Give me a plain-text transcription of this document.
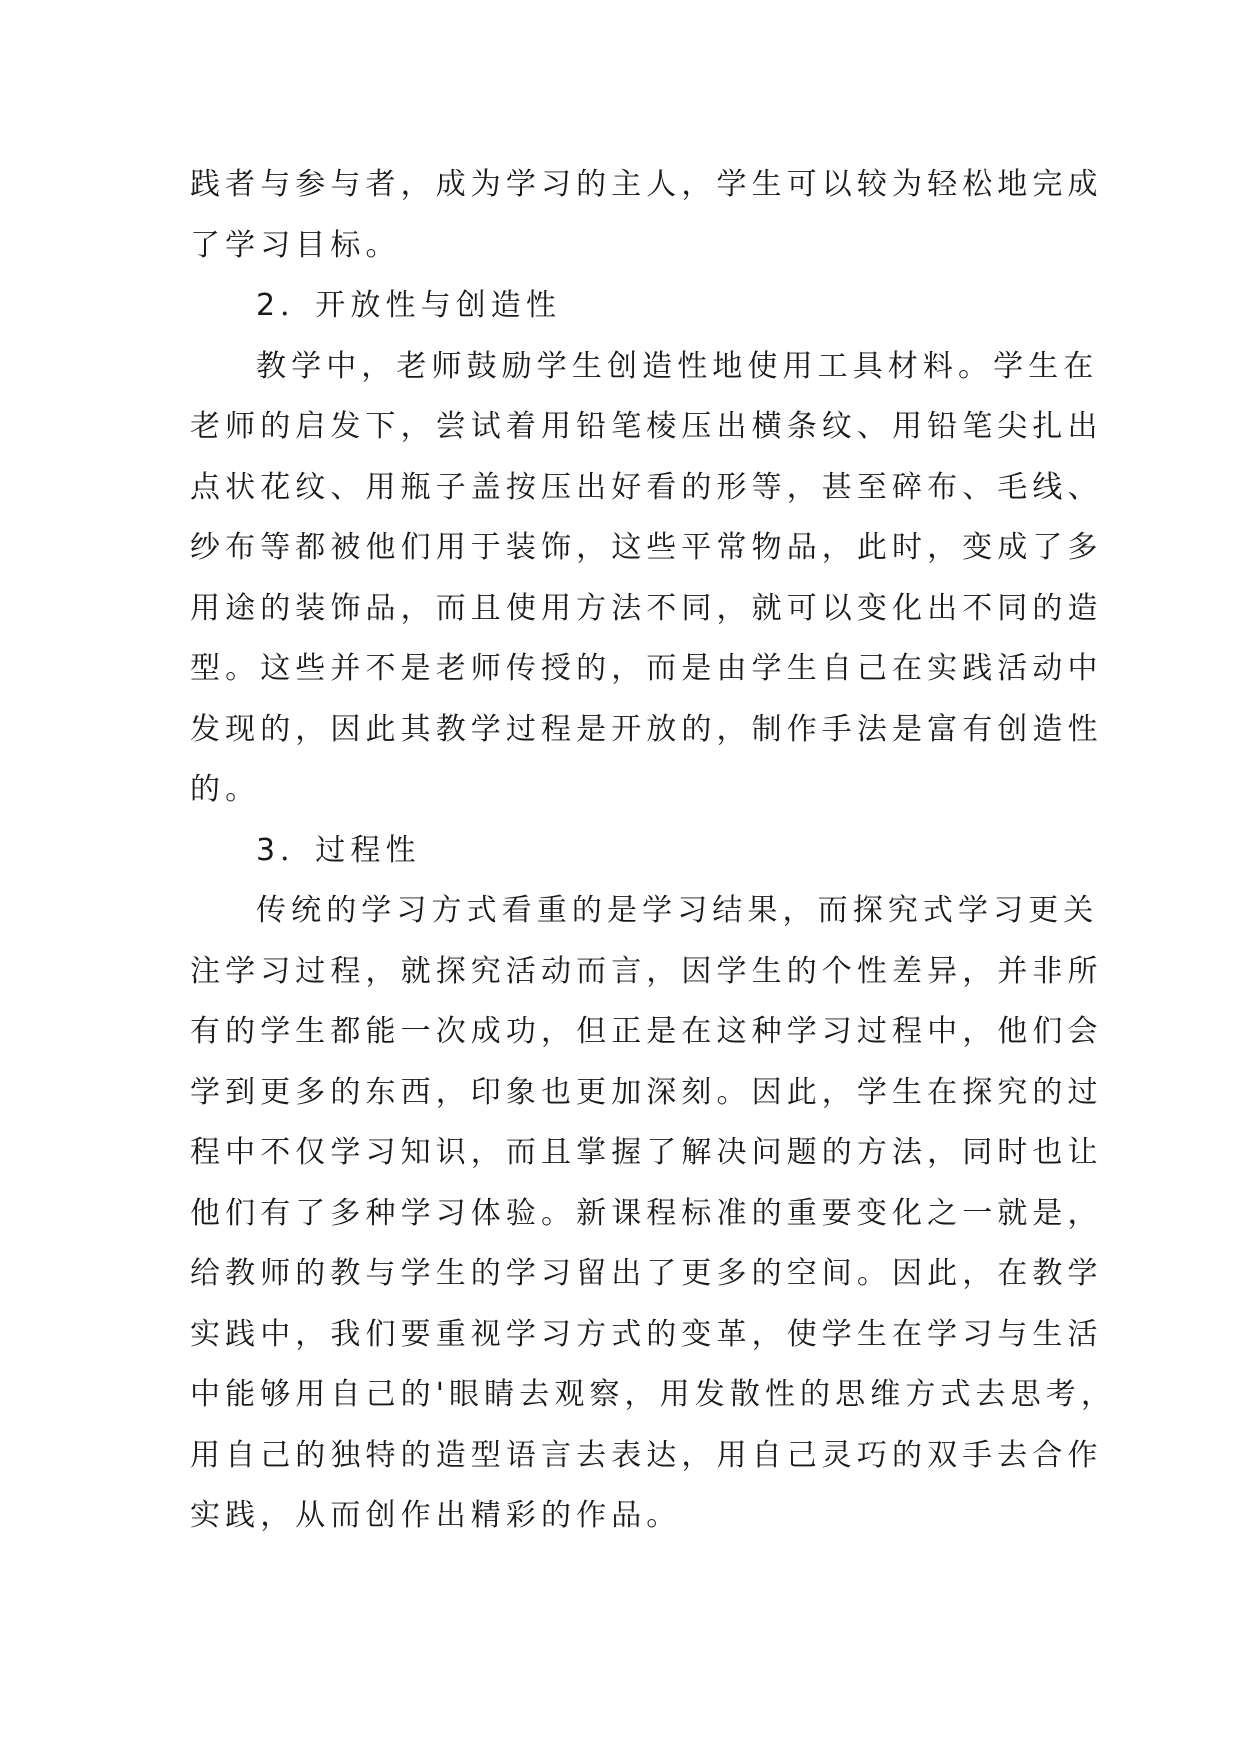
践者与参与者，成为学习的主人，学生可以较为轻松地完成
了学习目标。
2．开放性与创造性
教学中，老师鼓励学生创造性地使用工具材料。学生在
老师的启发下，尝试着用铅笔棱压出横条纹、用铅笔尖扎出
点状花纹、用瓶子盖按压出好看的形等，甚至碎布、毛线、
纱布等都被他们用于装饰，这些平常物品，此时，变成了多
用途的装饰品，而且使用方法不同，就可以变化出不同的造
型。这些并不是老师传授的，而是由学生自己在实践活动中
发现的，因此其教学过程是开放的，制作手法是富有创造性
的。
3．过程性
传统的学习方式看重的是学习结果，而探究式学习更关
注学习过程，就探究活动而言，因学生的个性差异，并非所
有的学生都能一次成功，但正是在这种学习过程中，他们会
学到更多的东西，印象也更加深刻。因此，学生在探究的过
程中不仅学习知识，而且掌握了解决问题的方法，同时也让
他们有了多种学习体验。新课程标准的重要变化之一就是，
给教师的教与学生的学习留出了更多的空间。因此，在教学
实践中，我们要重视学习方式的变革，使学生在学习与生活
中能够用自己的'眼睛去观察，用发散性的思维方式去思考，
用自己的独特的造型语言去表达，用自己灵巧的双手去合作
实践，从而创作出精彩的作品。
